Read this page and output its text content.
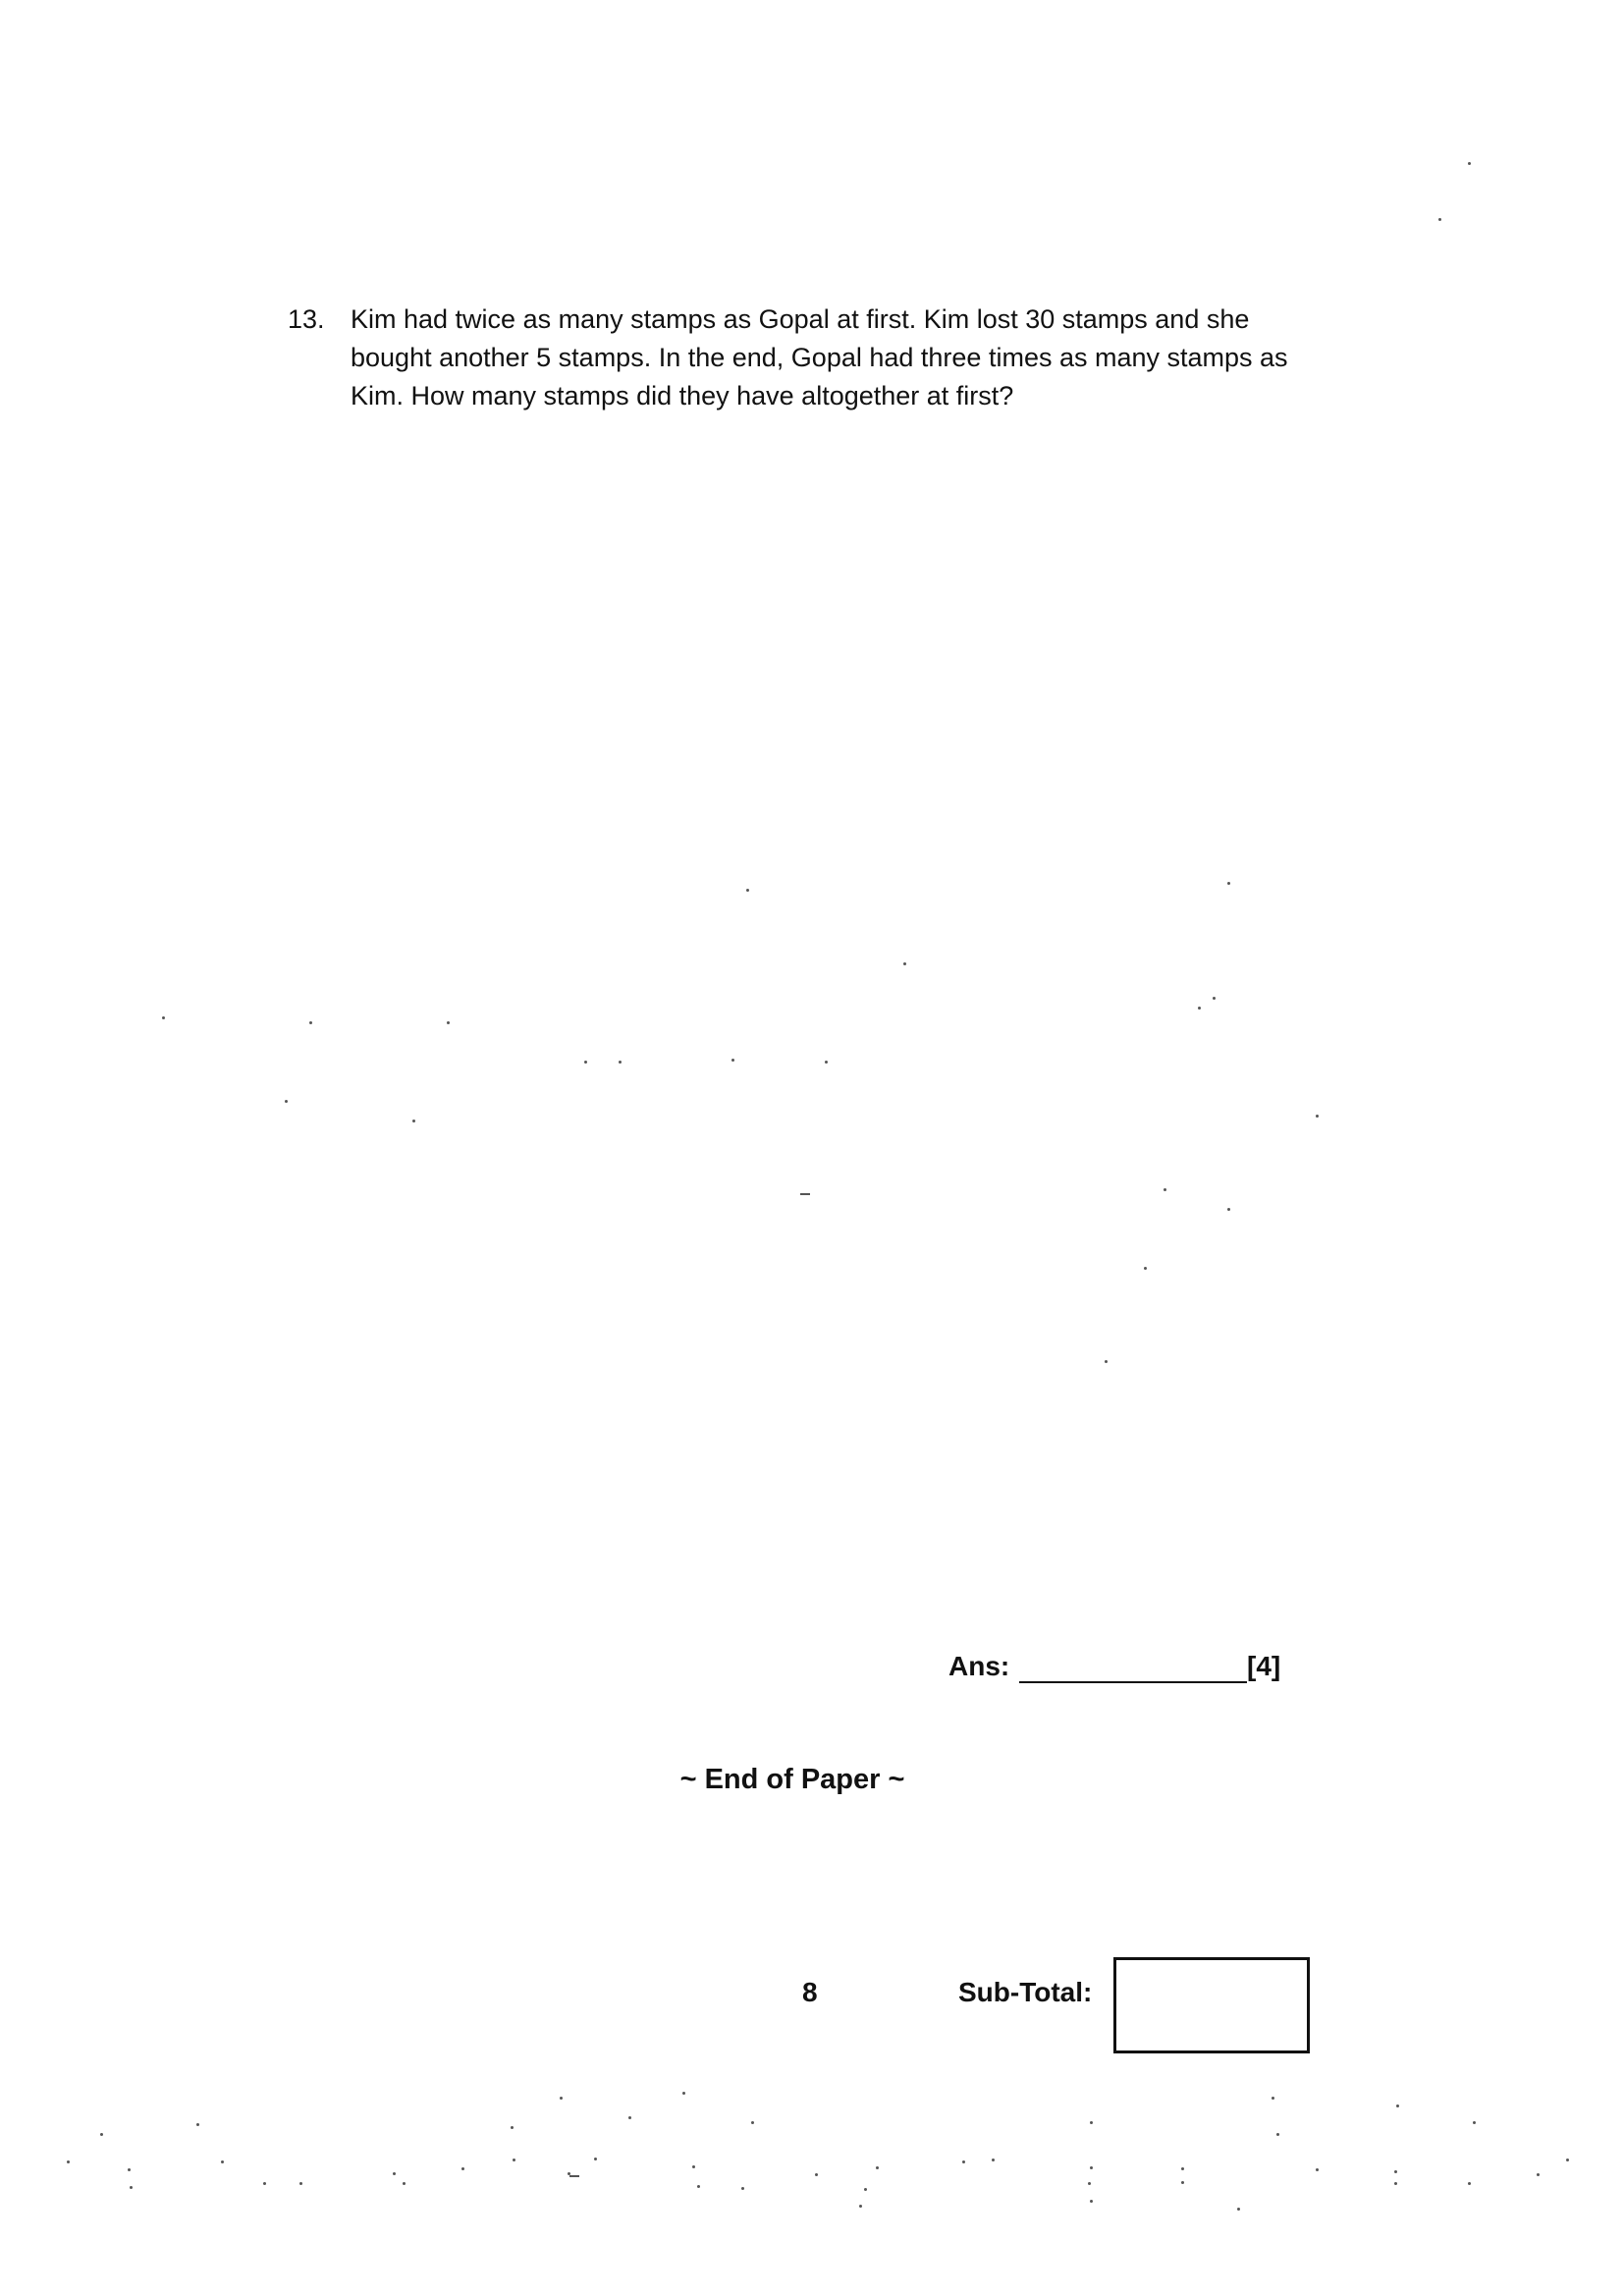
13. Kim had twice as many stamps as Gopal at first. Kim lost 30 stamps and she bought another 5 stamps. In the end, Gopal had three times as many stamps as Kim. How many stamps did they have altogether at first?
Ans:	[4]
~ End of Paper ~
8	Sub-Total:
